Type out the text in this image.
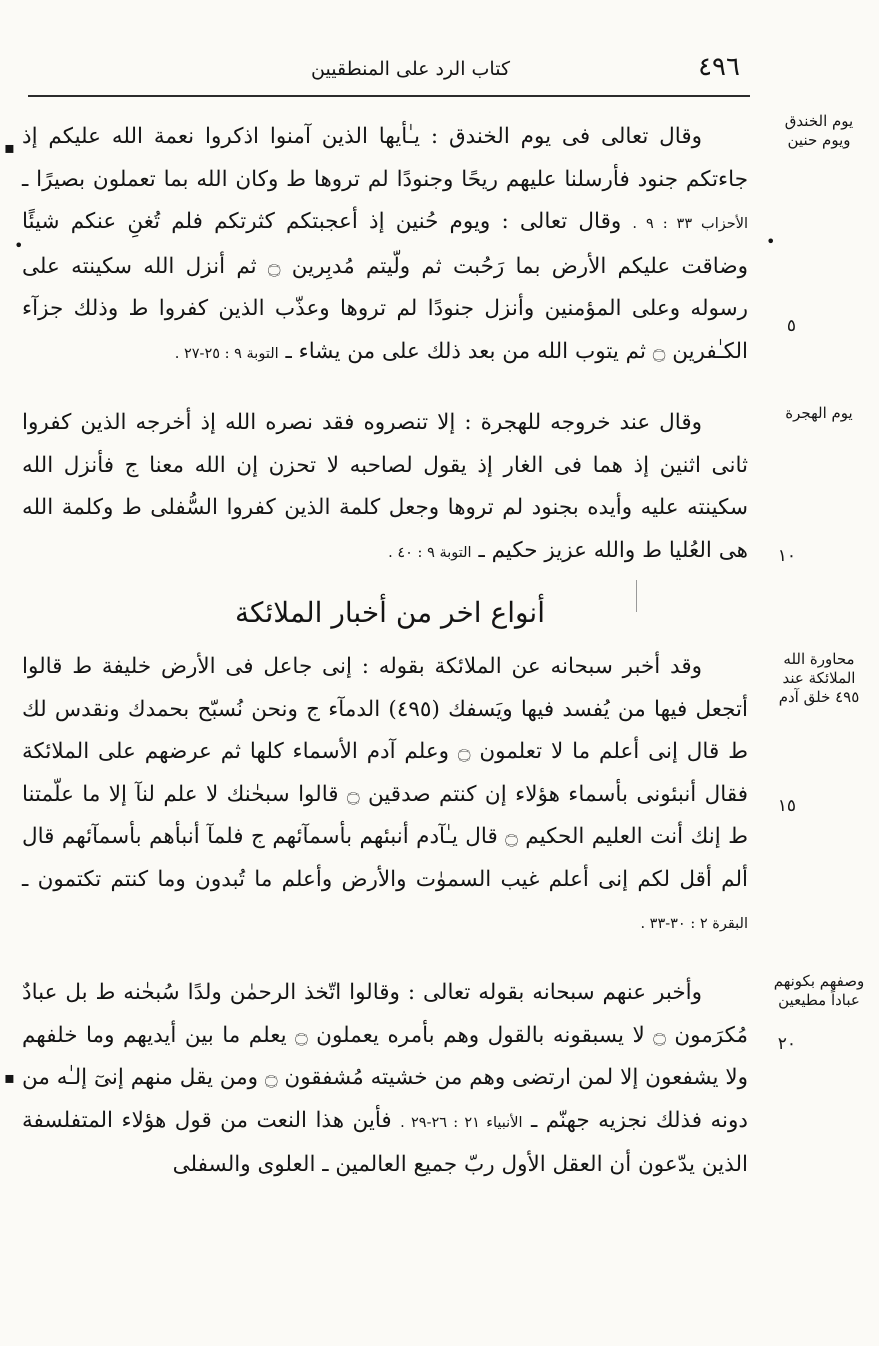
٤٩٦
كتاب الرد على المنطقيين
يوم الخندق ويوم حنين
يوم الهجرة
محاورة الله الملائكة عند ٤٩٥ خلق آدم
وصفهم بكونهم عباداً مطيعين
٥
١٠
١٥
٢٠
▪
•
▪
•

وقال تعالى فى يوم الخندق : يـٰأيها الذين آمنوا اذكروا نعمة الله عليكم إذ جاءتكم جنود فأرسلنا عليهم ريحًا وجنودًا لم تروها ط وكان الله بما تعملون بصيرًا ـ الأحزاب ٣٣ : ٩ . وقال تعالى : ويوم حُنين إذ أعجبتكم كثرتكم فلم تُغنِ عنكم شيئًا وضاقت عليكم الأرض بما رَحُبت ثم ولّيتم مُدبِرين ۝ ثم أنزل الله سكينته على رسوله وعلى المؤمنين وأنزل جنودًا لم تروها وعذّب الذين كفروا ط وذلك جزآء الكـٰفرين ۝ ثم يتوب الله من بعد ذلك على من يشاء ـ التوبة ٩ : ٢٥-٢٧ .

وقال عند خروجه للهجرة : إلا تنصروه فقد نصره الله إذ أخرجه الذين كفروا ثانى اثنين إذ هما فى الغار إذ يقول لصاحبه لا تحزن إن الله معنا ج فأنزل الله سكينته عليه وأيده بجنود لم تروها وجعل كلمة الذين كفروا السُّفلى ط وكلمة الله هى العُليا ط والله عزيز حكيم ـ التوبة ٩ : ٤٠ .

أنواع اخر من أخبار الملائكة

وقد أخبر سبحانه عن الملائكة بقوله : إنى جاعل فى الأرض خليفة ط قالوا أتجعل فيها من يُفسد فيها ويَسفك (٤٩٥) الدمآء ج ونحن نُسبّح بحمدك ونقدس لك ط قال إنى أعلم ما لا تعلمون ۝ وعلم آدم الأسماء كلها ثم عرضهم على الملائكة فقال أنبئونى بأسماء هؤلاء إن كنتم صدقين ۝ قالوا سبحٰنك لا علم لنآ إلا ما علّمتنا ط إنك أنت العليم الحكيم ۝ قال يـٰآدم أنبئهم بأسمآئهم ج فلمآ أنبأهم بأسمآئهم قال ألم أقل لكم إنى أعلم غيب السموٰت والأرض وأعلم ما تُبدون وما كنتم تكتمون ـ البقرة ٢ : ٣٠-٣٣ .

وأخبر عنهم سبحانه بقوله تعالى : وقالوا اتّخذ الرحمٰن ولدًا سُبحٰنه ط بل عبادٌ مُكرَمون ۝ لا يسبقونه بالقول وهم بأمره يعملون ۝ يعلم ما بين أيديهم وما خلفهم ولا يشفعون إلا لمن ارتضى وهم من خشيته مُشفقون ۝ ومن يقل منهم إنىٓ إلـٰه من دونه فذلك نجزيه جهنّم ـ الأنبياء ٢١ : ٢٦-٢٩ . فأين هذا النعت من قول هؤلاء المتفلسفة الذين يدّعون أن العقل الأول ربّ جميع العالمين ـ العلوى والسفلى
